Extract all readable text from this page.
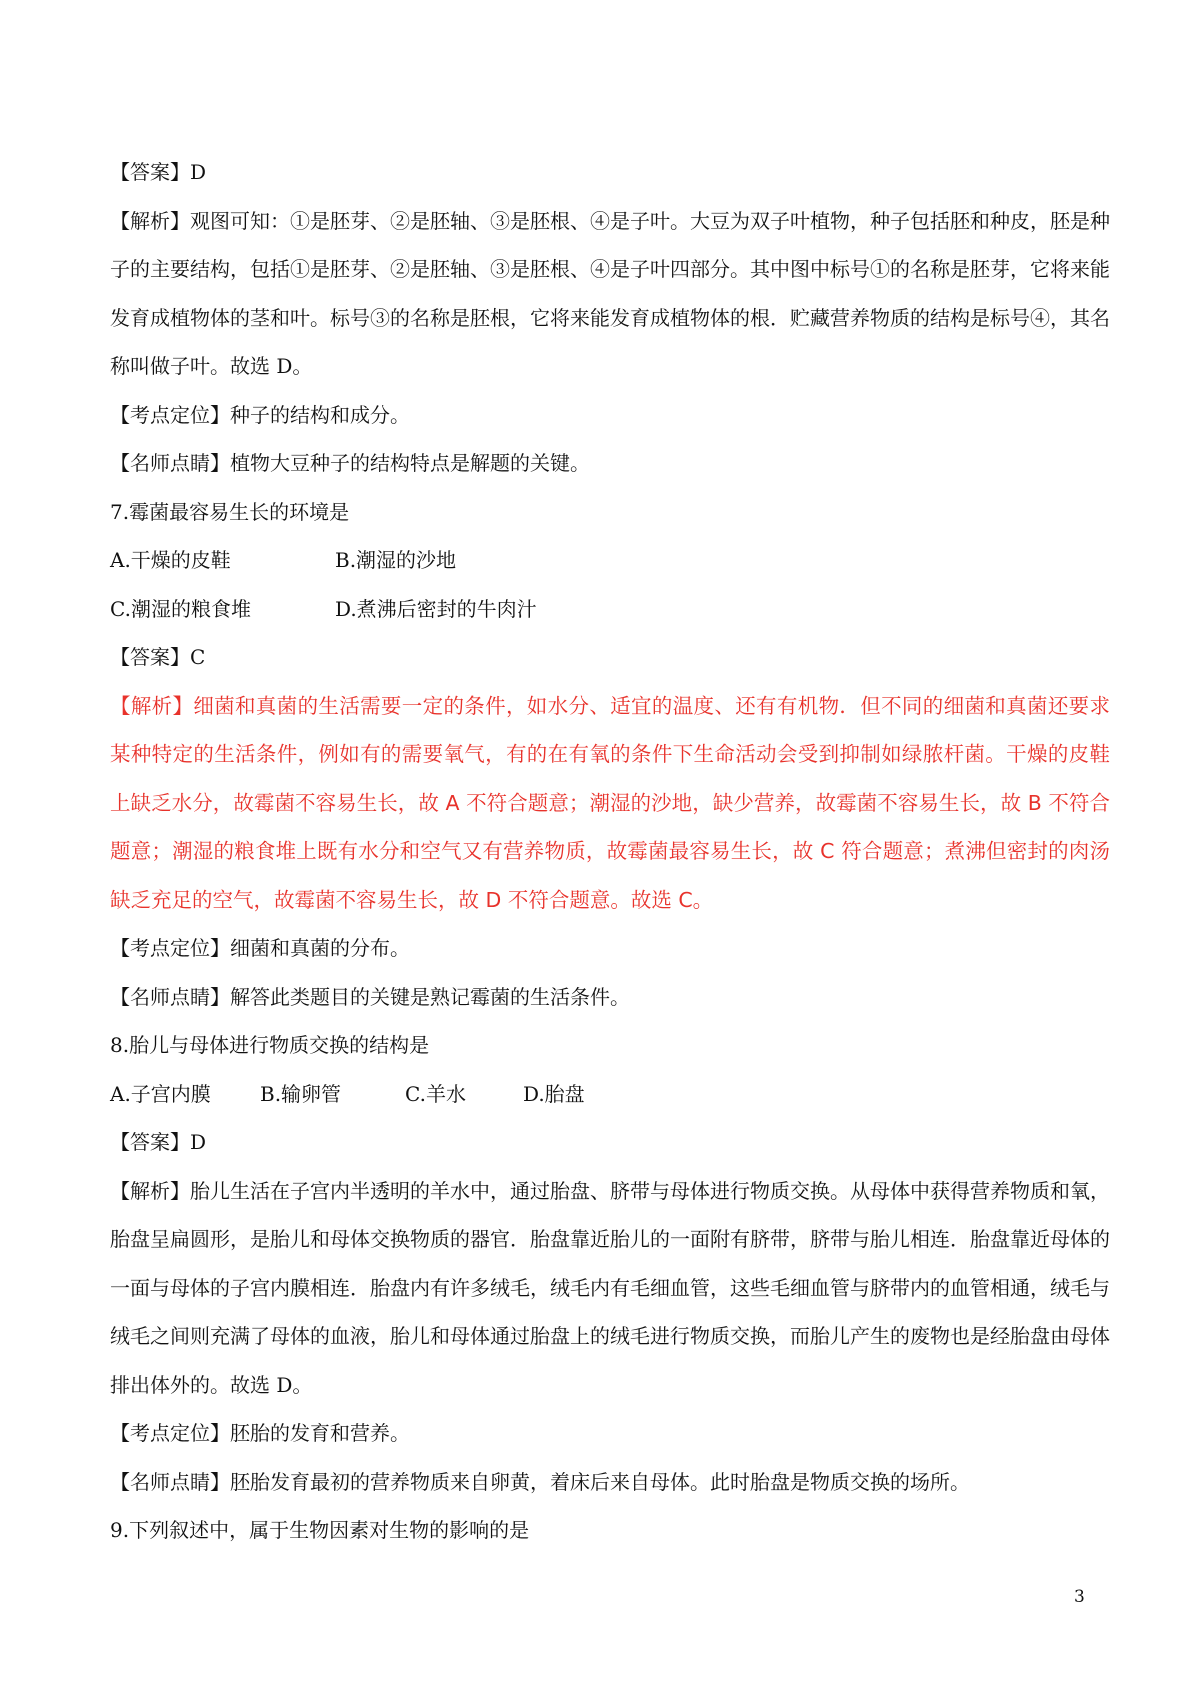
【答案】D

【解析】观图可知：①是胚芽、②是胚轴、③是胚根、④是子叶。大豆为双子叶植物，种子包括胚和种皮，胚是种子的主要结构，包括①是胚芽、②是胚轴、③是胚根、④是子叶四部分。其中图中标号①的名称是胚芽，它将来能发育成植物体的茎和叶。标号③的名称是胚根，它将来能发育成植物体的根．贮藏营养物质的结构是标号④，其名称叫做子叶。故选 D。

【考点定位】种子的结构和成分。

【名师点睛】植物大豆种子的结构特点是解题的关键。

7.霉菌最容易生长的环境是

A.干燥的皮鞋	B.潮湿的沙地
C.潮湿的粮食堆	D.煮沸后密封的牛肉汁

【答案】C

【解析】细菌和真菌的生活需要一定的条件，如水分、适宜的温度、还有有机物．但不同的细菌和真菌还要求某种特定的生活条件，例如有的需要氧气，有的在有氧的条件下生命活动会受到抑制如绿脓杆菌。干燥的皮鞋上缺乏水分，故霉菌不容易生长，故 A 不符合题意；潮湿的沙地，缺少营养，故霉菌不容易生长，故 B 不符合题意；潮湿的粮食堆上既有水分和空气又有营养物质，故霉菌最容易生长，故 C 符合题意；煮沸但密封的肉汤缺乏充足的空气，故霉菌不容易生长，故 D 不符合题意。故选 C。

【考点定位】细菌和真菌的分布。

【名师点睛】解答此类题目的关键是熟记霉菌的生活条件。

8.胎儿与母体进行物质交换的结构是

A.子宫内膜	B.输卵管	C.羊水	D.胎盘

【答案】D

【解析】胎儿生活在子宫内半透明的羊水中，通过胎盘、脐带与母体进行物质交换。从母体中获得营养物质和氧，胎盘呈扁圆形，是胎儿和母体交换物质的器官．胎盘靠近胎儿的一面附有脐带，脐带与胎儿相连．胎盘靠近母体的一面与母体的子宫内膜相连．胎盘内有许多绒毛，绒毛内有毛细血管，这些毛细血管与脐带内的血管相通，绒毛与绒毛之间则充满了母体的血液，胎儿和母体通过胎盘上的绒毛进行物质交换，而胎儿产生的废物也是经胎盘由母体排出体外的。故选 D。

【考点定位】胚胎的发育和营养。

【名师点睛】胚胎发育最初的营养物质来自卵黄，着床后来自母体。此时胎盘是物质交换的场所。

9.下列叙述中，属于生物因素对生物的影响的是

3
